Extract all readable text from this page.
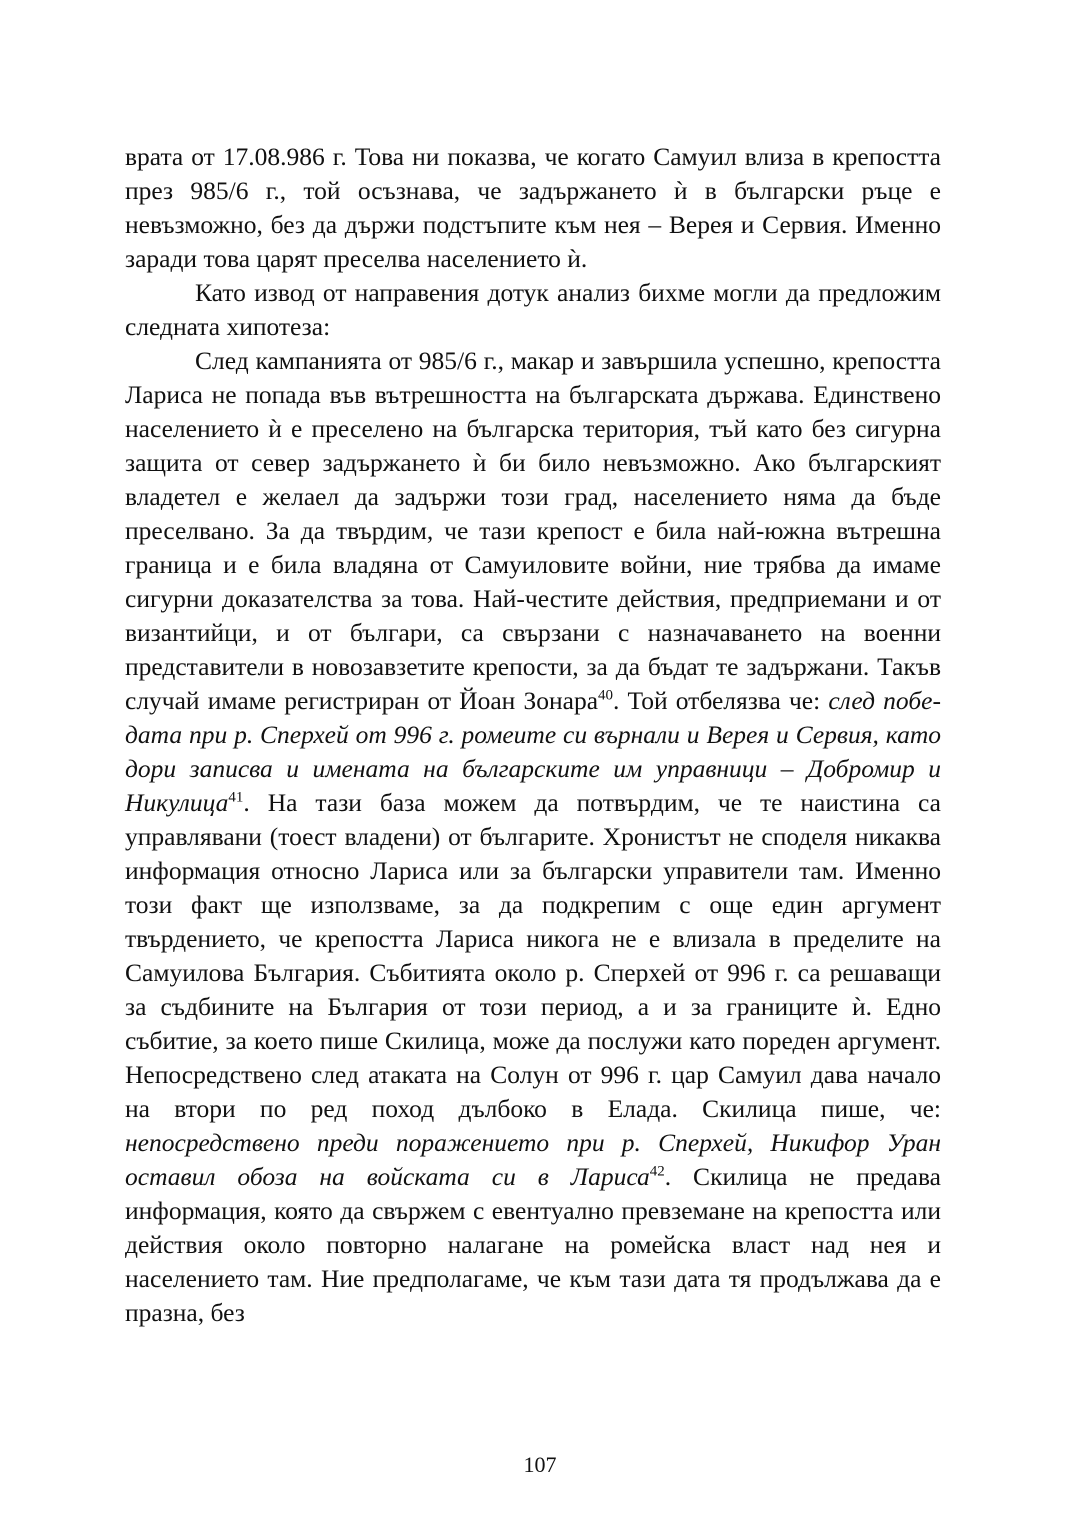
врата от 17.08.986 г. Това ни показва, че когато Самуил влиза в крепостта през 985/6 г., той осъзнава, че задържането ѝ в български ръце е невъзможно, без да държи подстъпите към нея – Верея и Сервия. Именно заради това царят преселва населението ѝ.

Като извод от направения дотук анализ бихме могли да предложим следната хипотеза:

След кампанията от 985/6 г., макар и завършила успешно, крепостта Лариса не попада във вътрешността на българската държава. Единствено населението ѝ е преселено на българска територия, тъй като без сигурна защита от север задържането ѝ би било невъзможно. Ако българският владетел е желаел да задържи този град, населението няма да бъде преселвано. За да твърдим, че тази крепост е била най-южна вътрешна граница и е била владяна от Самуиловите войни, ние трябва да имаме сигурни доказателства за това. Най-честите действия, предприемани и от византийци, и от българи, са свързани с назначаването на военни представители в новозавзетите крепости, за да бъдат те задържани. Такъв случай имаме регистриран от Йоан Зонара$^{40}$. Той отбелязва че: след победата при р. Сперхей от 996 г. ромеите си върнали и Верея и Сервия, като дори записва и имената на българските им управници – Добромир и Никулица$^{41}$. На тази база можем да потвърдим, че те наистина са управлявани (тоест владени) от българите. Хронистът не споделя никаква информация относно Лариса или за български управители там. Именно този факт ще използваме, за да подкрепим с още един аргумент твърдението, че крепостта Лариса никога не е влизала в пределите на Самуилова България. Събитията около р. Сперхей от 996 г. са решаващи за съдбините на България от този период, а и за границите ѝ. Едно събитие, за което пише Скилица, може да послужи като пореден аргумент. Непосредствено след атаката на Солун от 996 г. цар Самуил дава начало на втори по ред поход дълбоко в Елада. Скилица пише, че: непосредствено преди поражението при р. Сперхей, Никифор Уран оставил обоза на войската си в Лариса$^{42}$. Скилица не предава информация, която да свържем с евентуално превземане на крепостта или действия около повторно налагане на ромейска власт над нея и населението там. Ние предполагаме, че към тази дата тя продължава да е празна, без

107
